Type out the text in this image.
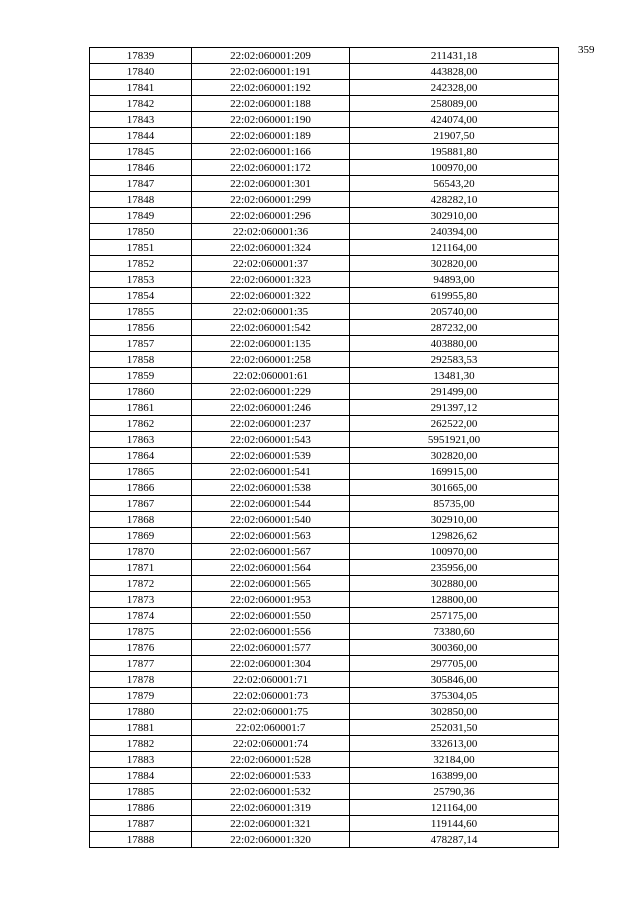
359
17839	22:02:060001:209	211431,18
17840	22:02:060001:191	443828,00
17841	22:02:060001:192	242328,00
17842	22:02:060001:188	258089,00
17843	22:02:060001:190	424074,00
17844	22:02:060001:189	21907,50
17845	22:02:060001:166	195881,80
17846	22:02:060001:172	100970,00
17847	22:02:060001:301	56543,20
17848	22:02:060001:299	428282,10
17849	22:02:060001:296	302910,00
17850	22:02:060001:36	240394,00
17851	22:02:060001:324	121164,00
17852	22:02:060001:37	302820,00
17853	22:02:060001:323	94893,00
17854	22:02:060001:322	619955,80
17855	22:02:060001:35	205740,00
17856	22:02:060001:542	287232,00
17857	22:02:060001:135	403880,00
17858	22:02:060001:258	292583,53
17859	22:02:060001:61	13481,30
17860	22:02:060001:229	291499,00
17861	22:02:060001:246	291397,12
17862	22:02:060001:237	262522,00
17863	22:02:060001:543	5951921,00
17864	22:02:060001:539	302820,00
17865	22:02:060001:541	169915,00
17866	22:02:060001:538	301665,00
17867	22:02:060001:544	85735,00
17868	22:02:060001:540	302910,00
17869	22:02:060001:563	129826,62
17870	22:02:060001:567	100970,00
17871	22:02:060001:564	235956,00
17872	22:02:060001:565	302880,00
17873	22:02:060001:953	128800,00
17874	22:02:060001:550	257175,00
17875	22:02:060001:556	73380,60
17876	22:02:060001:577	300360,00
17877	22:02:060001:304	297705,00
17878	22:02:060001:71	305846,00
17879	22:02:060001:73	375304,05
17880	22:02:060001:75	302850,00
17881	22:02:060001:7	252031,50
17882	22:02:060001:74	332613,00
17883	22:02:060001:528	32184,00
17884	22:02:060001:533	163899,00
17885	22:02:060001:532	25790,36
17886	22:02:060001:319	121164,00
17887	22:02:060001:321	119144,60
17888	22:02:060001:320	478287,14
